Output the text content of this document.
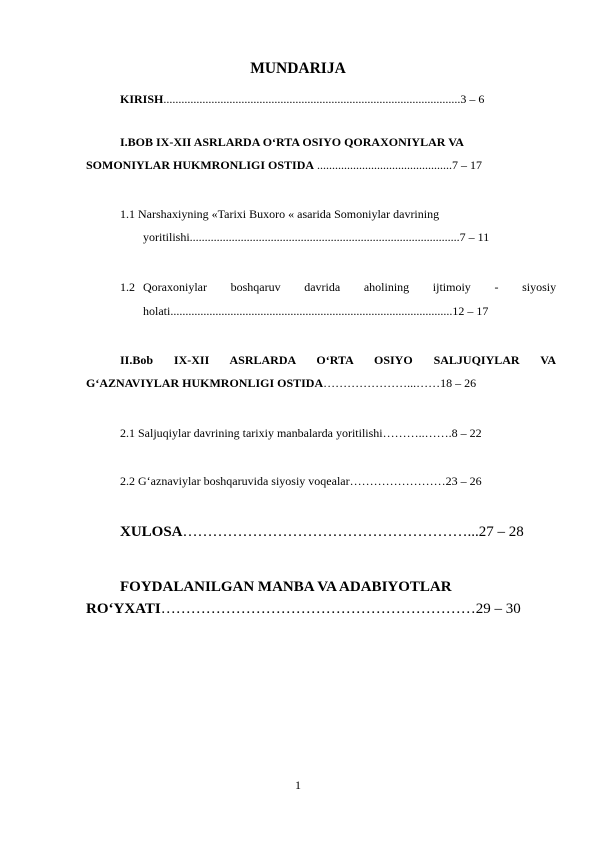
MUNDARIJA
KIRISH...................................................................................................3 – 6
I.BOB IX-XII ASRLARDA O‘RTA OSIYO QORAXONIYLAR VA
SOMONIYLAR HUKMRONLIGI OSTIDA .............................................7 – 17
1.1 Narshaxiyning «Tarixi Buxoro « asarida Somoniylar davrining
yoritilishi..........................................................................................7 – 11
1.2 Qoraxoniylar boshqaruv davrida aholining ijtimoiy - siyosiy
holati..............................................................................................12 – 17
II.Bob IX-XII ASRLARDA O‘RTA OSIYO SALJUQIYLAR VA
G‘AZNAVIYLAR HUKMRONLIGI OSTIDA…………………...……18 – 26
2.1 Saljuqiylar davrining tarixiy manbalarda yoritilishi………..…….8 – 22
2.2 G‘aznaviylar boshqaruvida siyosiy voqealar……………………23 – 26
XULOSA…………………………………………………...27 – 28
FOYDALANILGAN MANBA VA ADABIYOTLAR
RO‘YXATI………………………………………………………29 – 30
1
